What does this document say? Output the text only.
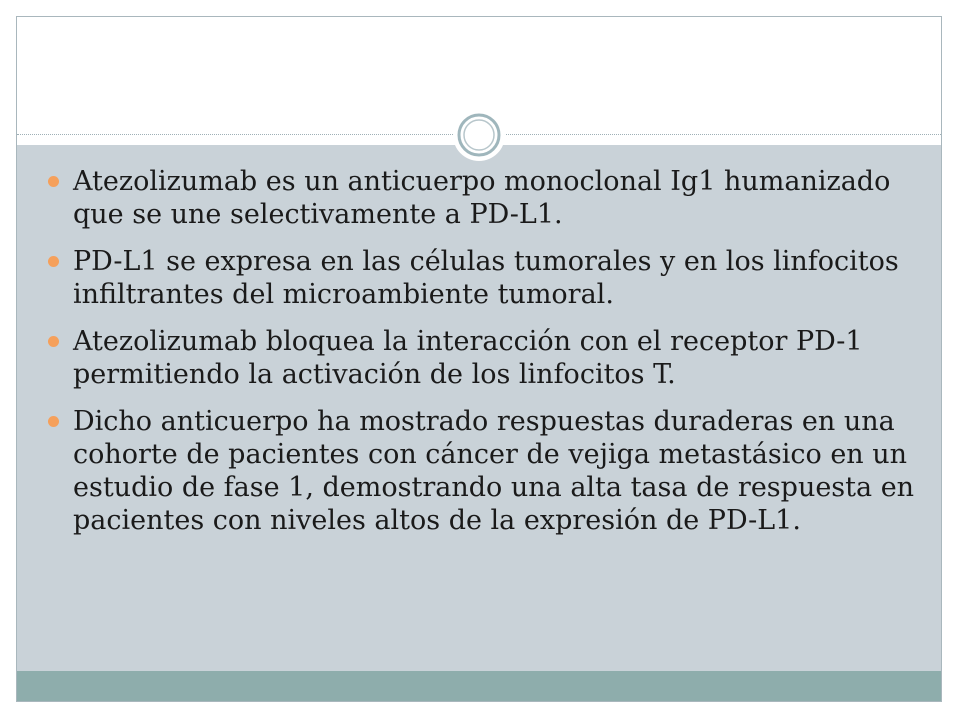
Atezolizumab es un anticuerpo monoclonal Ig1 humanizado que se une selectivamente a PD-L1.
PD-L1 se expresa en las células tumorales y en los linfocitos infiltrantes del microambiente tumoral.
Atezolizumab bloquea la interacción con el receptor PD-1 permitiendo la activación de los linfocitos T.
Dicho anticuerpo ha mostrado respuestas duraderas en una cohorte de pacientes con cáncer de vejiga metastásico en un estudio de fase 1, demostrando una alta tasa de respuesta en pacientes con niveles altos de la expresión de PD-L1.
